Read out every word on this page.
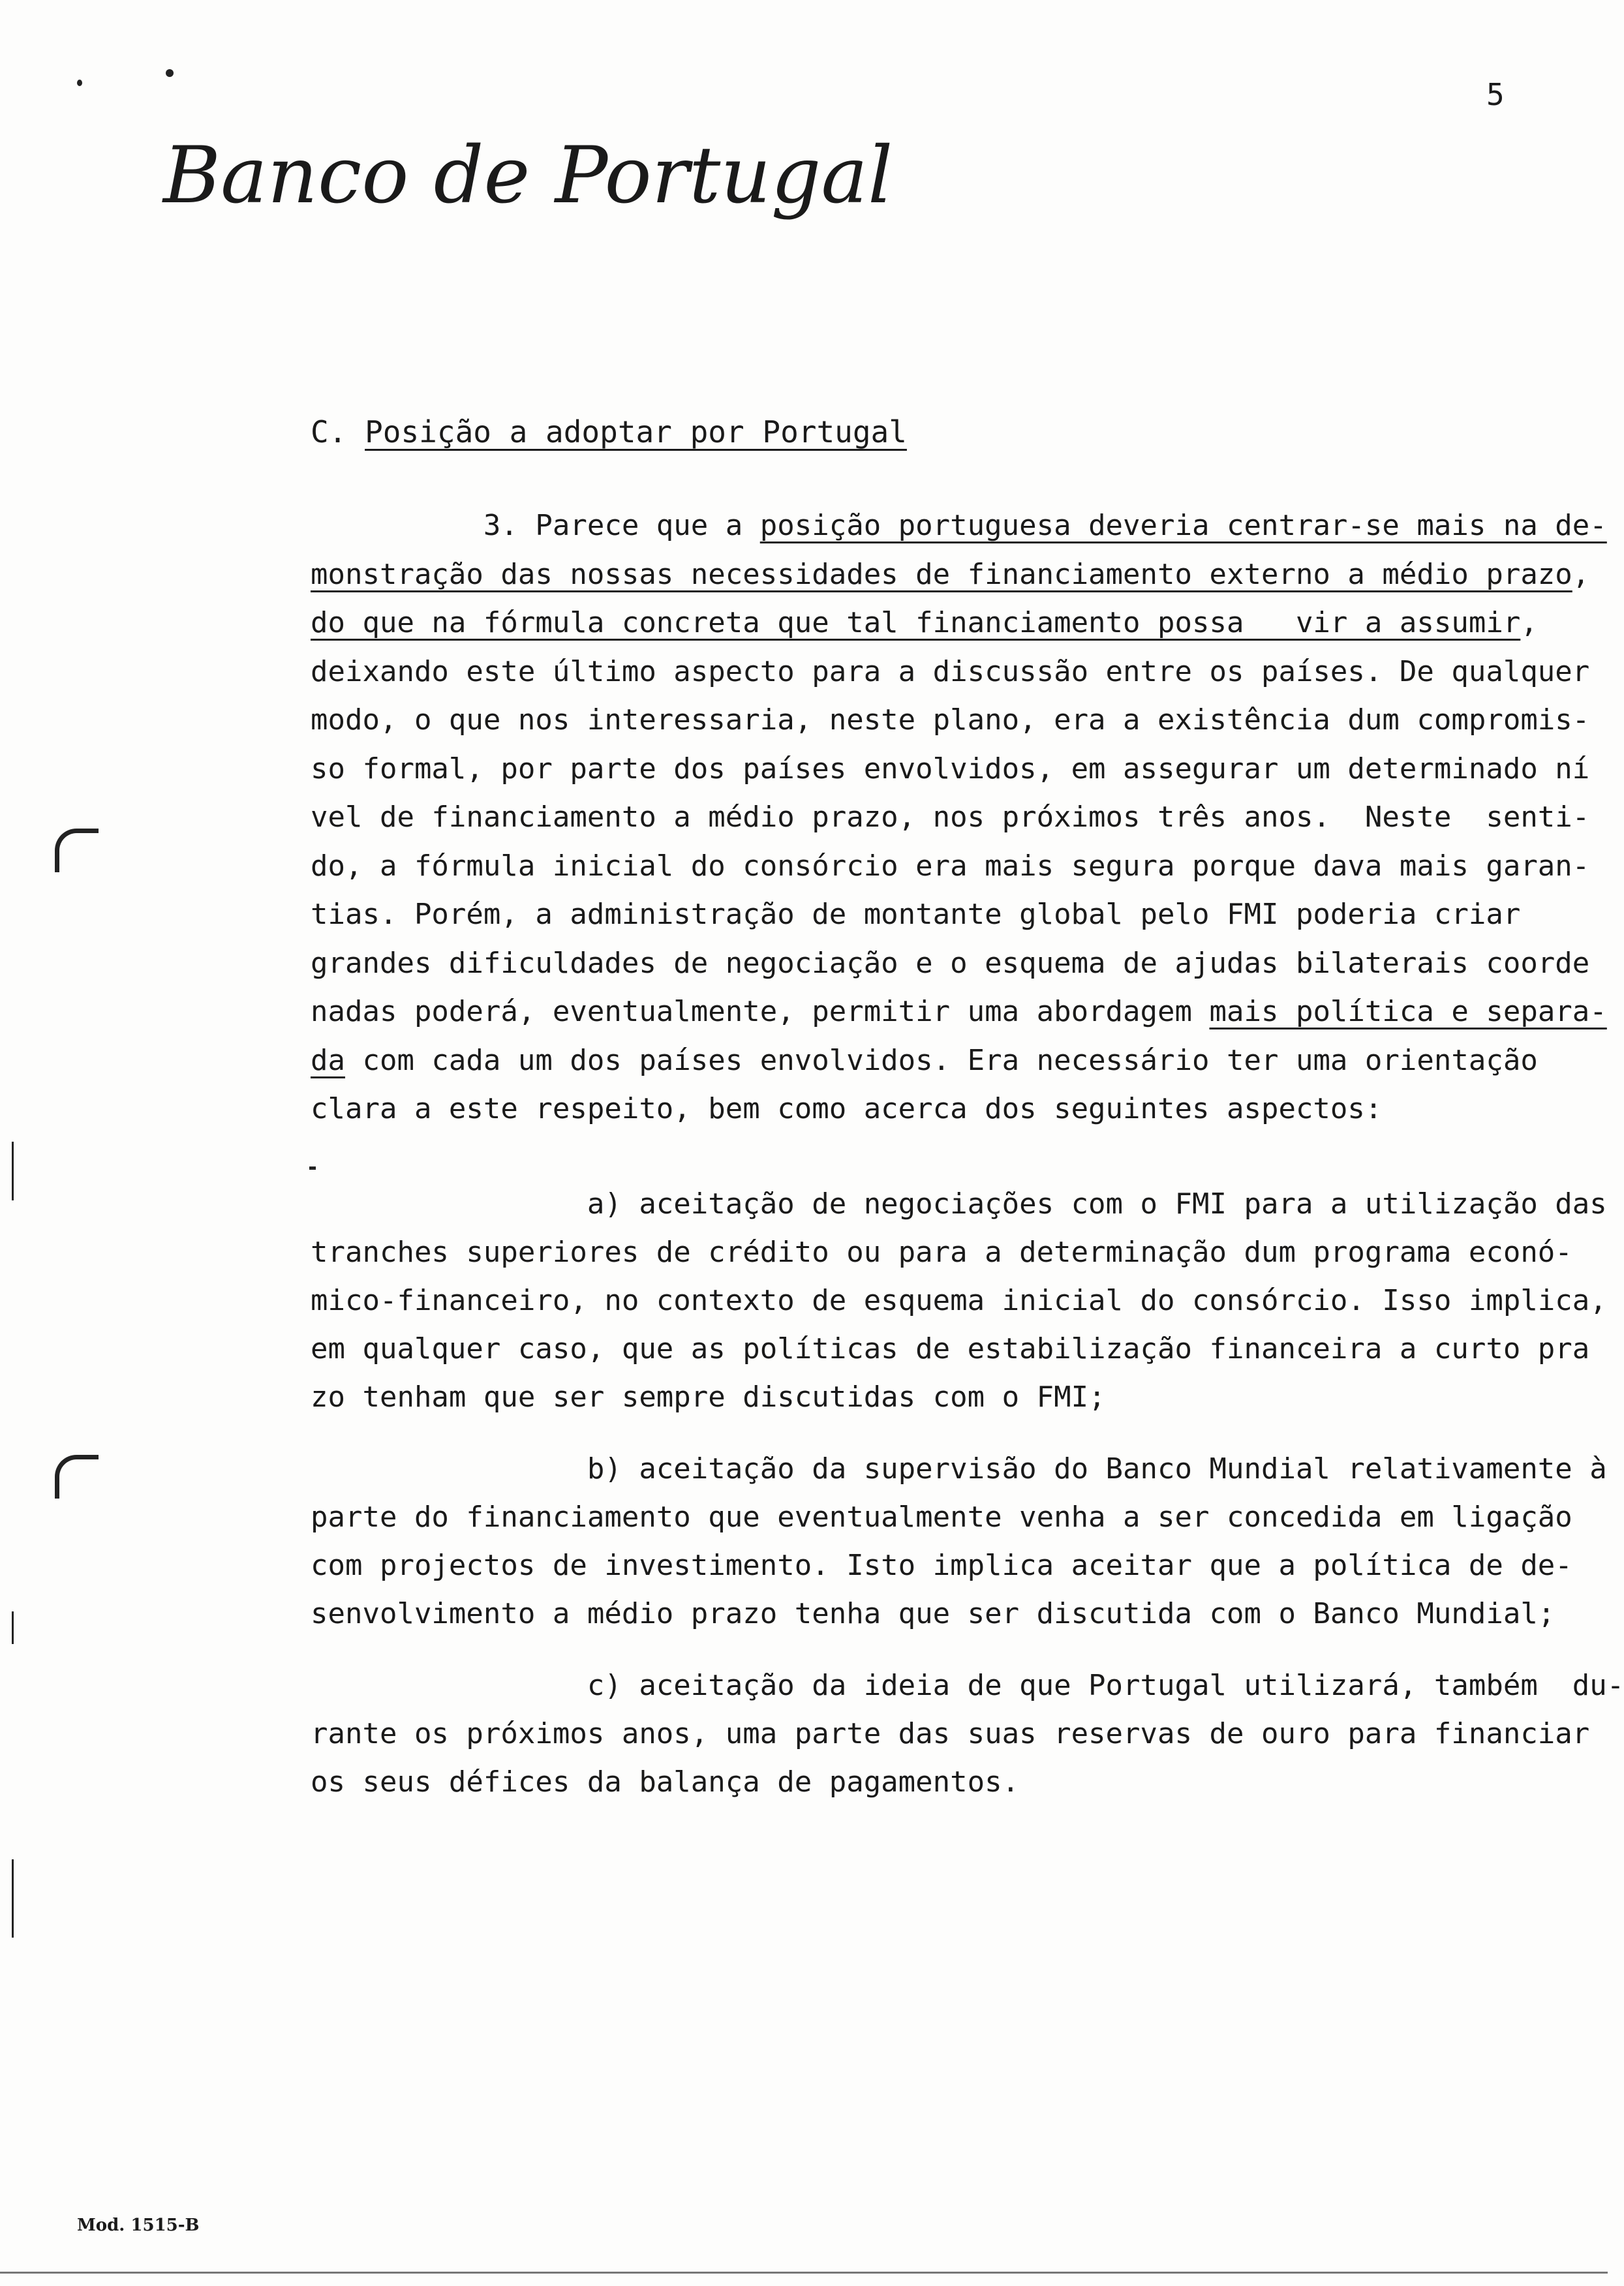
5
Banco de Portugal
C. Posição a adoptar por Portugal
3. Parece que a posição portuguesa deveria centrar-se mais na de-
monstração das nossas necessidades de financiamento externo a médio prazo,
do que na fórmula concreta que tal financiamento possa   vir a assumir,
deixando este último aspecto para a discussão entre os países. De qualquer
modo, o que nos interessaria, neste plano, era a existência dum compromis-
so formal, por parte dos países envolvidos, em assegurar um determinado ní
vel de financiamento a médio prazo, nos próximos três anos.  Neste  senti-
do, a fórmula inicial do consórcio era mais segura porque dava mais garan-
tias. Porém, a administração de montante global pelo FMI poderia criar
grandes dificuldades de negociação e o esquema de ajudas bilaterais coorde
nadas poderá, eventualmente, permitir uma abordagem mais política e separa-
da com cada um dos países envolvidos. Era necessário ter uma orientação
clara a este respeito, bem como acerca dos seguintes aspectos:
a) aceitação de negociações com o FMI para a utilização das
tranches superiores de crédito ou para a determinação dum programa econó-
mico-financeiro, no contexto de esquema inicial do consórcio. Isso implica,
em qualquer caso, que as políticas de estabilização financeira a curto pra
zo tenham que ser sempre discutidas com o FMI;
b) aceitação da supervisão do Banco Mundial relativamente à
parte do financiamento que eventualmente venha a ser concedida em ligação
com projectos de investimento. Isto implica aceitar que a política de de-
senvolvimento a médio prazo tenha que ser discutida com o Banco Mundial;
c) aceitação da ideia de que Portugal utilizará, também  du-
rante os próximos anos, uma parte das suas reservas de ouro para financiar
os seus défices da balança de pagamentos.
Mod. 1515-B
